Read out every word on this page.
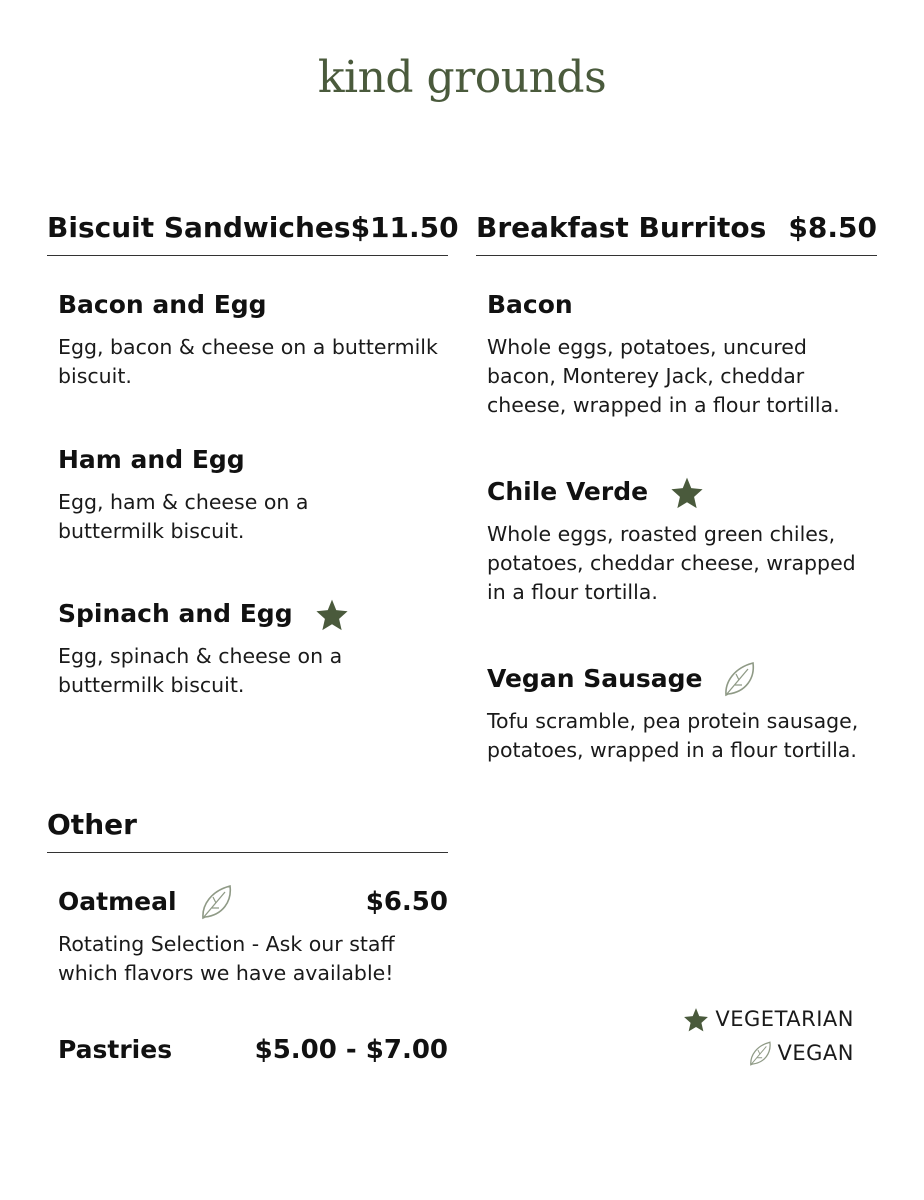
kind grounds
Biscuit Sandwiches $11.50
Bacon and Egg
Egg, bacon & cheese on a buttermilk biscuit.
Ham and Egg
Egg, ham & cheese on a buttermilk biscuit.
Spinach and Egg
Egg, spinach & cheese on a buttermilk biscuit.
Breakfast Burritos $8.50
Bacon
Whole eggs, potatoes, uncured bacon, Monterey Jack, cheddar cheese, wrapped in a flour tortilla.
Chile Verde
Whole eggs, roasted green chiles, potatoes, cheddar cheese, wrapped in a flour tortilla.
Vegan Sausage
Tofu scramble, pea protein sausage, potatoes, wrapped in a flour tortilla.
Other
Oatmeal	$6.50
Rotating Selection - Ask our staff which flavors we have available!
Pastries	$5.00 - $7.00
VEGETARIAN
VEGAN
